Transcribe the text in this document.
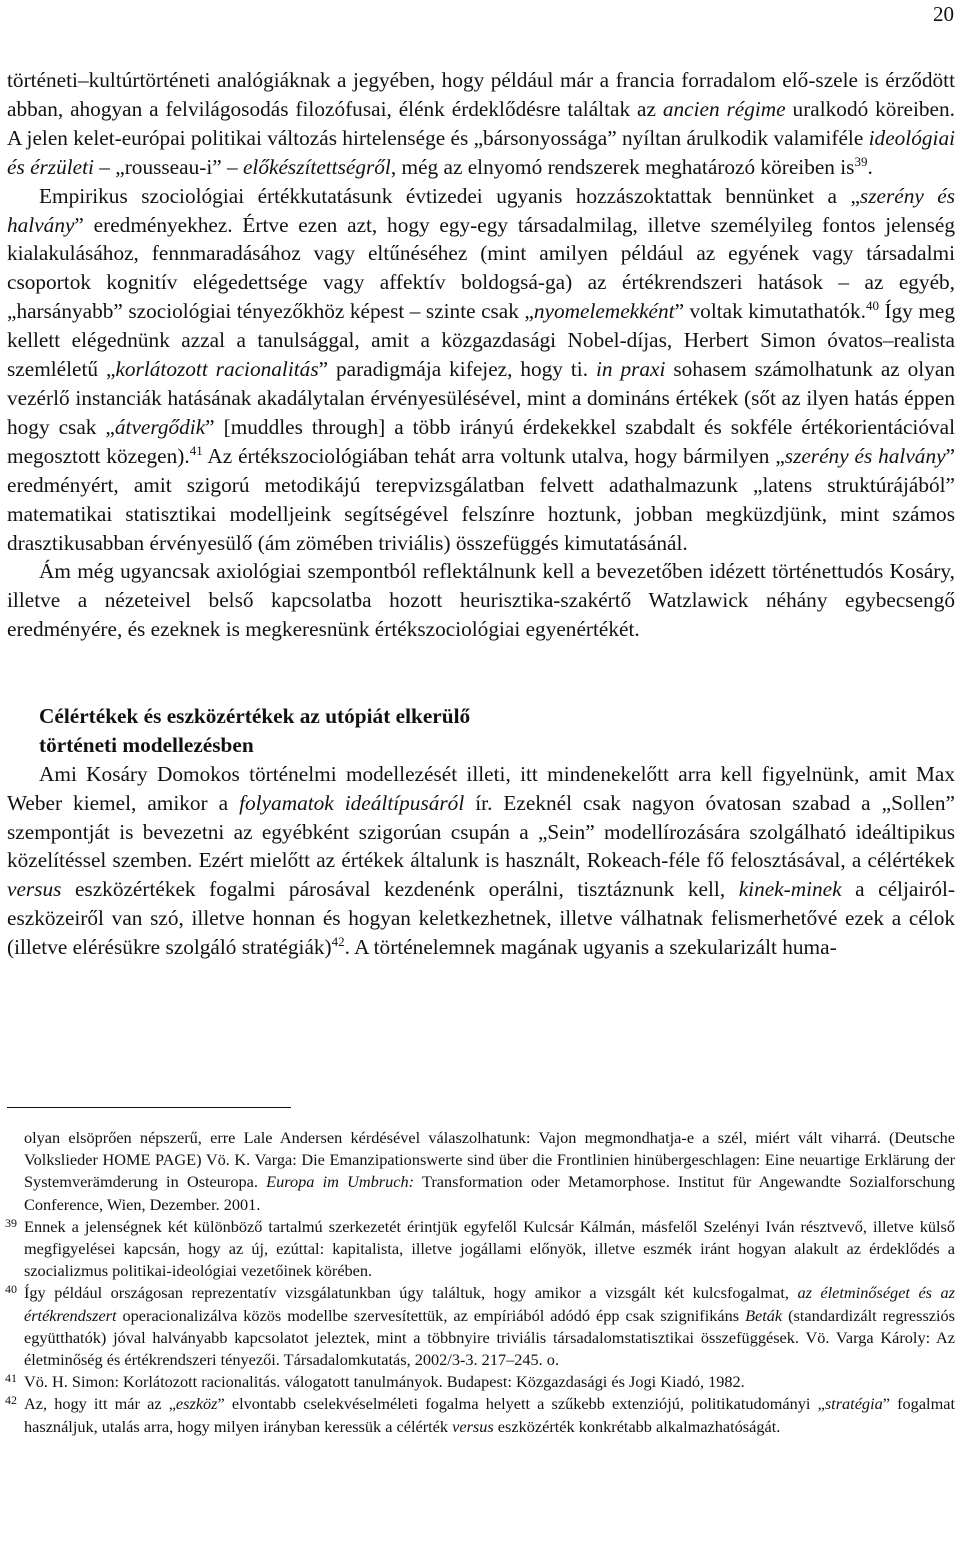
20

történeti–kultúrtörténeti analógiáknak a jegyében, hogy például már a francia forradalom elő-szele is érződött abban, ahogyan a felvilágosodás filozófusai, élénk érdeklődésre találtak az ancien régime uralkodó köreiben. A jelen kelet-európai politikai változás hirtelensége és „bársonyossága” nyíltan árulkodik valamiféle ideológiai és érzületi – „rousseau-i” – előkészítettségről, még az elnyomó rendszerek meghatározó köreiben $is^{39}$.

Empirikus szociológiai értékkutatásunk évtizedei ugyanis hozzászoktattak bennünket a „szerény és halvány” eredményekhez. Értve ezen azt, hogy egy-egy társadalmilag, illetve személyileg fontos jelenség kialakulásához, fennmaradásához vagy eltűnéséhez (mint amilyen például az egyének vagy társadalmi csoportok kognitív elégedettsége vagy affektív boldogsá-ga) az értékrendszeri hatások – az egyéb, „harsányabb” szociológiai tényezőkhöz képest – szinte csak „nyomelemekként” voltak kimutathatók.$^{40}$ Így meg kellett elégednünk azzal a tanulsággal, amit a közgazdasági Nobel-díjas, Herbert Simon óvatos–realista szemléletű „korlátozott racionalitás” paradigmája kifejez, hogy ti. in praxi sohasem számolhatunk az olyan vezérlő instanciák hatásának akadálytalan érvényesülésével, mint a domináns értékek (sőt az ilyen hatás éppen hogy csak „átvergődik” [muddles through] a több irányú érdekekkel szabdalt és sokféle értékorientációval megosztott közegen).$^{41}$ Az értékszociológiában tehát arra voltunk utalva, hogy bármilyen „szerény és halvány” eredményért, amit szigorú metodikájú terepvizsgálatban felvett adathalmazunk „latens struktúrájából” matematikai statisztikai modelljeink segítségével felszínre hoztunk, jobban megküzdjünk, mint számos drasztikusabban érvényesülő (ám zömében triviális) összefüggés kimutatásánál.

Ám még ugyancsak axiológiai szempontból reflektálnunk kell a bevezetőben idézett történettudós Kosáry, illetve a nézeteivel belső kapcsolatba hozott heurisztika-szakértő Watzlawick néhány egybecsengő eredményére, és ezeknek is megkeresnünk értékszociológiai egyenértékét.

Célértékek és eszközértékek az utópiát elkerülő
történeti modellezésben

Ami Kosáry Domokos történelmi modellezését illeti, itt mindenekelőtt arra kell figyelnünk, amit Max Weber kiemel, amikor a folyamatok ideáltípusáról ír. Ezeknél csak nagyon óvatosan szabad a „Sollen” szempontját is bevezetni az egyébként szigorúan csupán a „Sein” modellírozására szolgálható ideáltipikus közelítéssel szemben. Ezért mielőtt az értékek általunk is használt, Rokeach-féle fő felosztásával, a célértékek versus eszközértékek fogalmi párosával kezdenénk operálni, tisztáznunk kell, kinek-minek a céljairól-eszközeiről van szó, illetve honnan és hogyan keletkezhetnek, illetve válhatnak felismerhetővé ezek a célok (illetve elérésükre szolgáló stratégiák)$^{42}$. A történelemnek magának ugyanis a szekularizált huma-

olyan elsöprően népszerű, erre Lale Andersen kérdésével válaszolhatunk: Vajon megmondhatja-e a szél, miért vált viharrá. (Deutsche Volkslieder HOME PAGE) Vö. K. Varga: Die Emanzipationswerte sind über die Frontlinien hinübergeschlagen: Eine neuartige Erklärung der Systemverämderung in Osteuropa. Europa im Umbruch: Transformation oder Metamorphose. Institut für Angewandte Sozialforschung Conference, Wien, Dezember. 2001.

39 Ennek a jelenségnek két különböző tartalmú szerkezetét érintjük egyfelől Kulcsár Kálmán, másfelől Szelényi Iván résztvevő, illetve külső megfigyelései kapcsán, hogy az új, ezúttal: kapitalista, illetve jogállami előnyök, illetve eszmék iránt hogyan alakult az érdeklődés a szocializmus politikai-ideológiai vezetőinek körében.

40 Így például országosan reprezentatív vizsgálatunkban úgy találtuk, hogy amikor a vizsgált két kulcsfogalmat, az életminőséget és az értékrendszert operacionalizálva közös modellbe szervesítettük, az empíriából adódó épp csak szignifikáns Beták (standardizált regressziós együtthatók) jóval halványabb kapcsolatot jeleztek, mint a többnyire triviális társadalomstatisztikai összefüggések. Vö. Varga Károly: Az életminőség és értékrendszeri tényezői. Társadalomkutatás, 2002/3-3. 217–245. o.

41 Vö. H. Simon: Korlátozott racionalitás. válogatott tanulmányok. Budapest: Közgazdasági és Jogi Kiadó, 1982.

42 Az, hogy itt már az „eszköz” elvontabb cselekvéselméleti fogalma helyett a szűkebb extenziójú, politikatudományi „stratégia” fogalmat használjuk, utalás arra, hogy milyen irányban keressük a célérték versus eszközérték konkrétabb alkalmazhatóságát.
